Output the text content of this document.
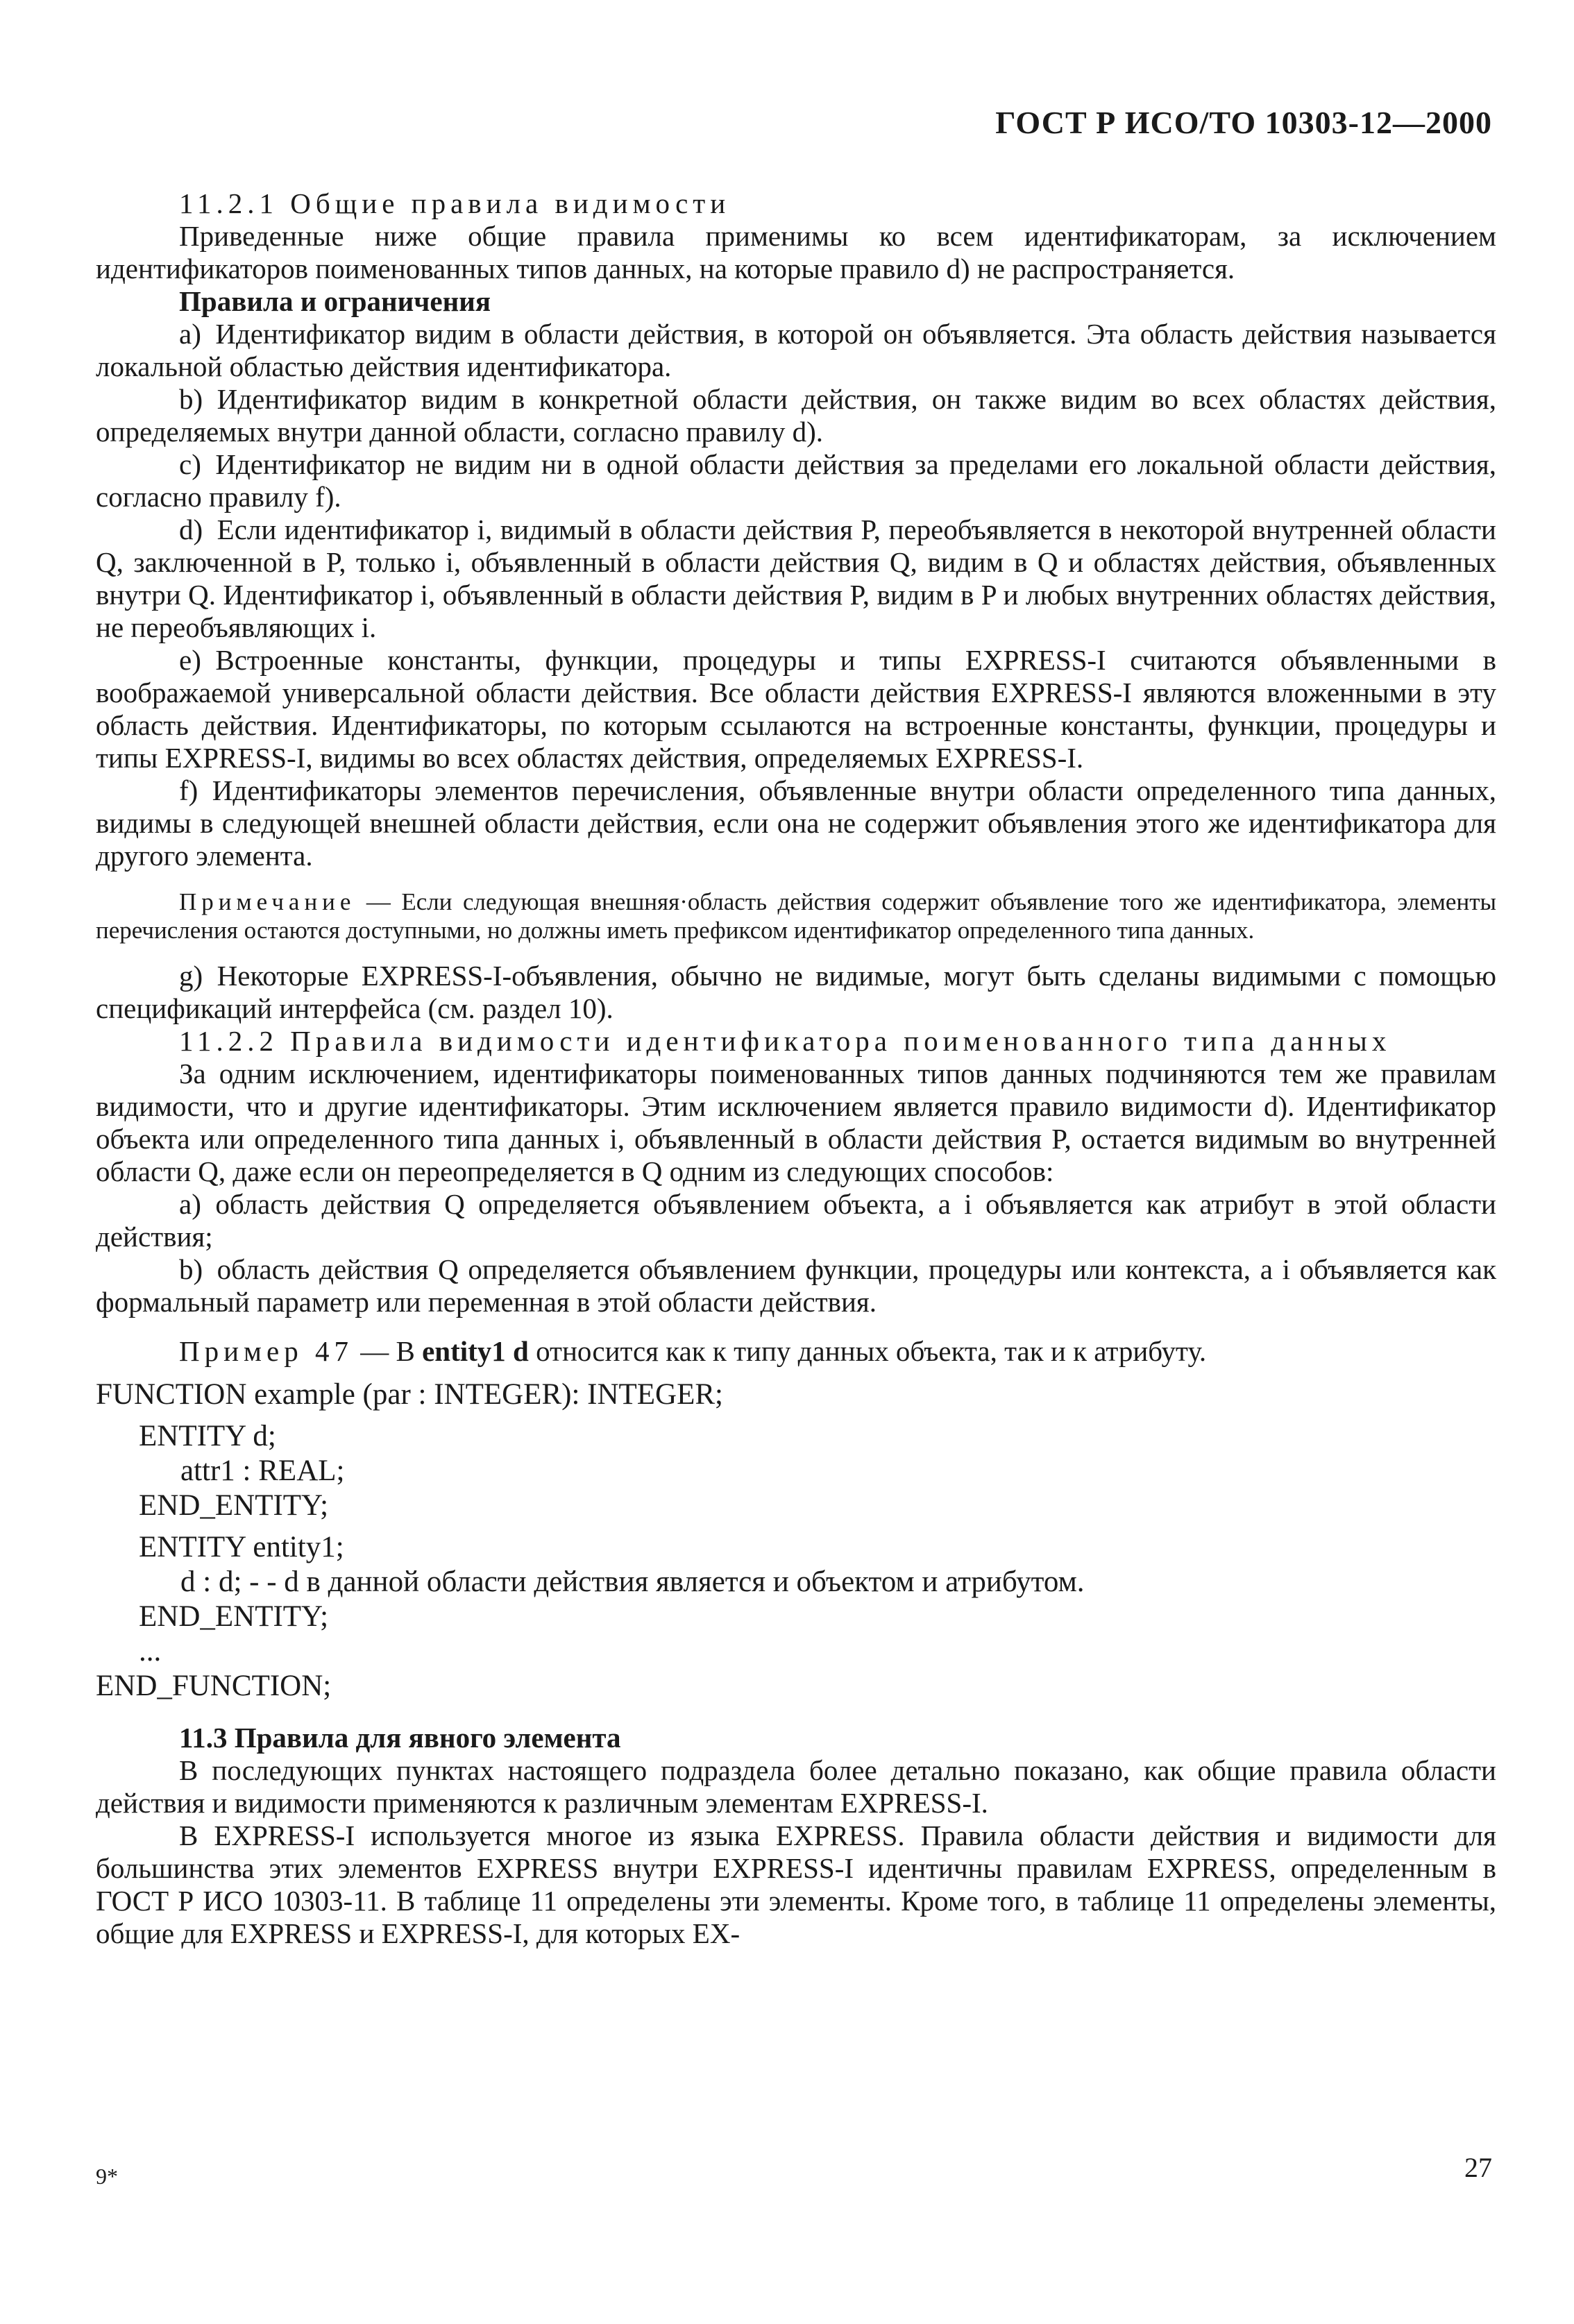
ГОСТ Р ИСО/ТО 10303-12—2000

11.2.1 Общие правила видимости

Приведенные ниже общие правила применимы ко всем идентификаторам, за исключением идентификаторов поименованных типов данных, на которые правило d) не распространяется.

Правила и ограничения

a) Идентификатор видим в области действия, в которой он объявляется. Эта область действия называется локальной областью действия идентификатора.

b) Идентификатор видим в конкретной области действия, он также видим во всех областях действия, определяемых внутри данной области, согласно правилу d).

c) Идентификатор не видим ни в одной области действия за пределами его локальной области действия, согласно правилу f).

d) Если идентификатор i, видимый в области действия P, переобъявляется в некоторой внутренней области Q, заключенной в P, только i, объявленный в области действия Q, видим в Q и областях действия, объявленных внутри Q. Идентификатор i, объявленный в области действия P, видим в P и любых внутренних областях действия, не переобъявляющих i.

e) Встроенные константы, функции, процедуры и типы EXPRESS-I считаются объявленными в воображаемой универсальной области действия. Все области действия EXPRESS-I являются вложенными в эту область действия. Идентификаторы, по которым ссылаются на встроенные константы, функции, процедуры и типы EXPRESS-I, видимы во всех областях действия, определяемых EXPRESS-I.

f) Идентификаторы элементов перечисления, объявленные внутри области определенного типа данных, видимы в следующей внешней области действия, если она не содержит объявления этого же идентификатора для другого элемента.

Примечание — Если следующая внешняя·область действия содержит объявление того же идентификатора, элементы перечисления остаются доступными, но должны иметь префиксом идентификатор определенного типа данных.

g) Некоторые EXPRESS-I-объявления, обычно не видимые, могут быть сделаны видимыми с помощью спецификаций интерфейса (см. раздел 10).

11.2.2 Правила видимости идентификатора поименованного типа данных

За одним исключением, идентификаторы поименованных типов данных подчиняются тем же правилам видимости, что и другие идентификаторы. Этим исключением является правило видимости d). Идентификатор объекта или определенного типа данных i, объявленный в области действия P, остается видимым во внутренней области Q, даже если он переопределяется в Q одним из следующих способов:

a) область действия Q определяется объявлением объекта, а i объявляется как атрибут в этой области действия;

b) область действия Q определяется объявлением функции, процедуры или контекста, а i объявляется как формальный параметр или переменная в этой области действия.

Пример 47 — В entity1 d относится как к типу данных объекта, так и к атрибуту.

FUNCTION example (par : INTEGER): INTEGER;
ENTITY d;
attr1 : REAL;
END_ENTITY;
ENTITY entity1;
d : d; - - d в данной области действия является и объектом и атрибутом.
END_ENTITY;
...
END_FUNCTION;

11.3 Правила для явного элемента

В последующих пунктах настоящего подраздела более детально показано, как общие правила области действия и видимости применяются к различным элементам EXPRESS-I.

В EXPRESS-I используется многое из языка EXPRESS. Правила области действия и видимости для большинства этих элементов EXPRESS внутри EXPRESS-I идентичны правилам EXPRESS, определенным в ГОСТ Р ИСО 10303-11. В таблице 11 определены эти элементы. Кроме того, в таблице 11 определены элементы, общие для EXPRESS и EXPRESS-I, для которых EX-

9*	27
